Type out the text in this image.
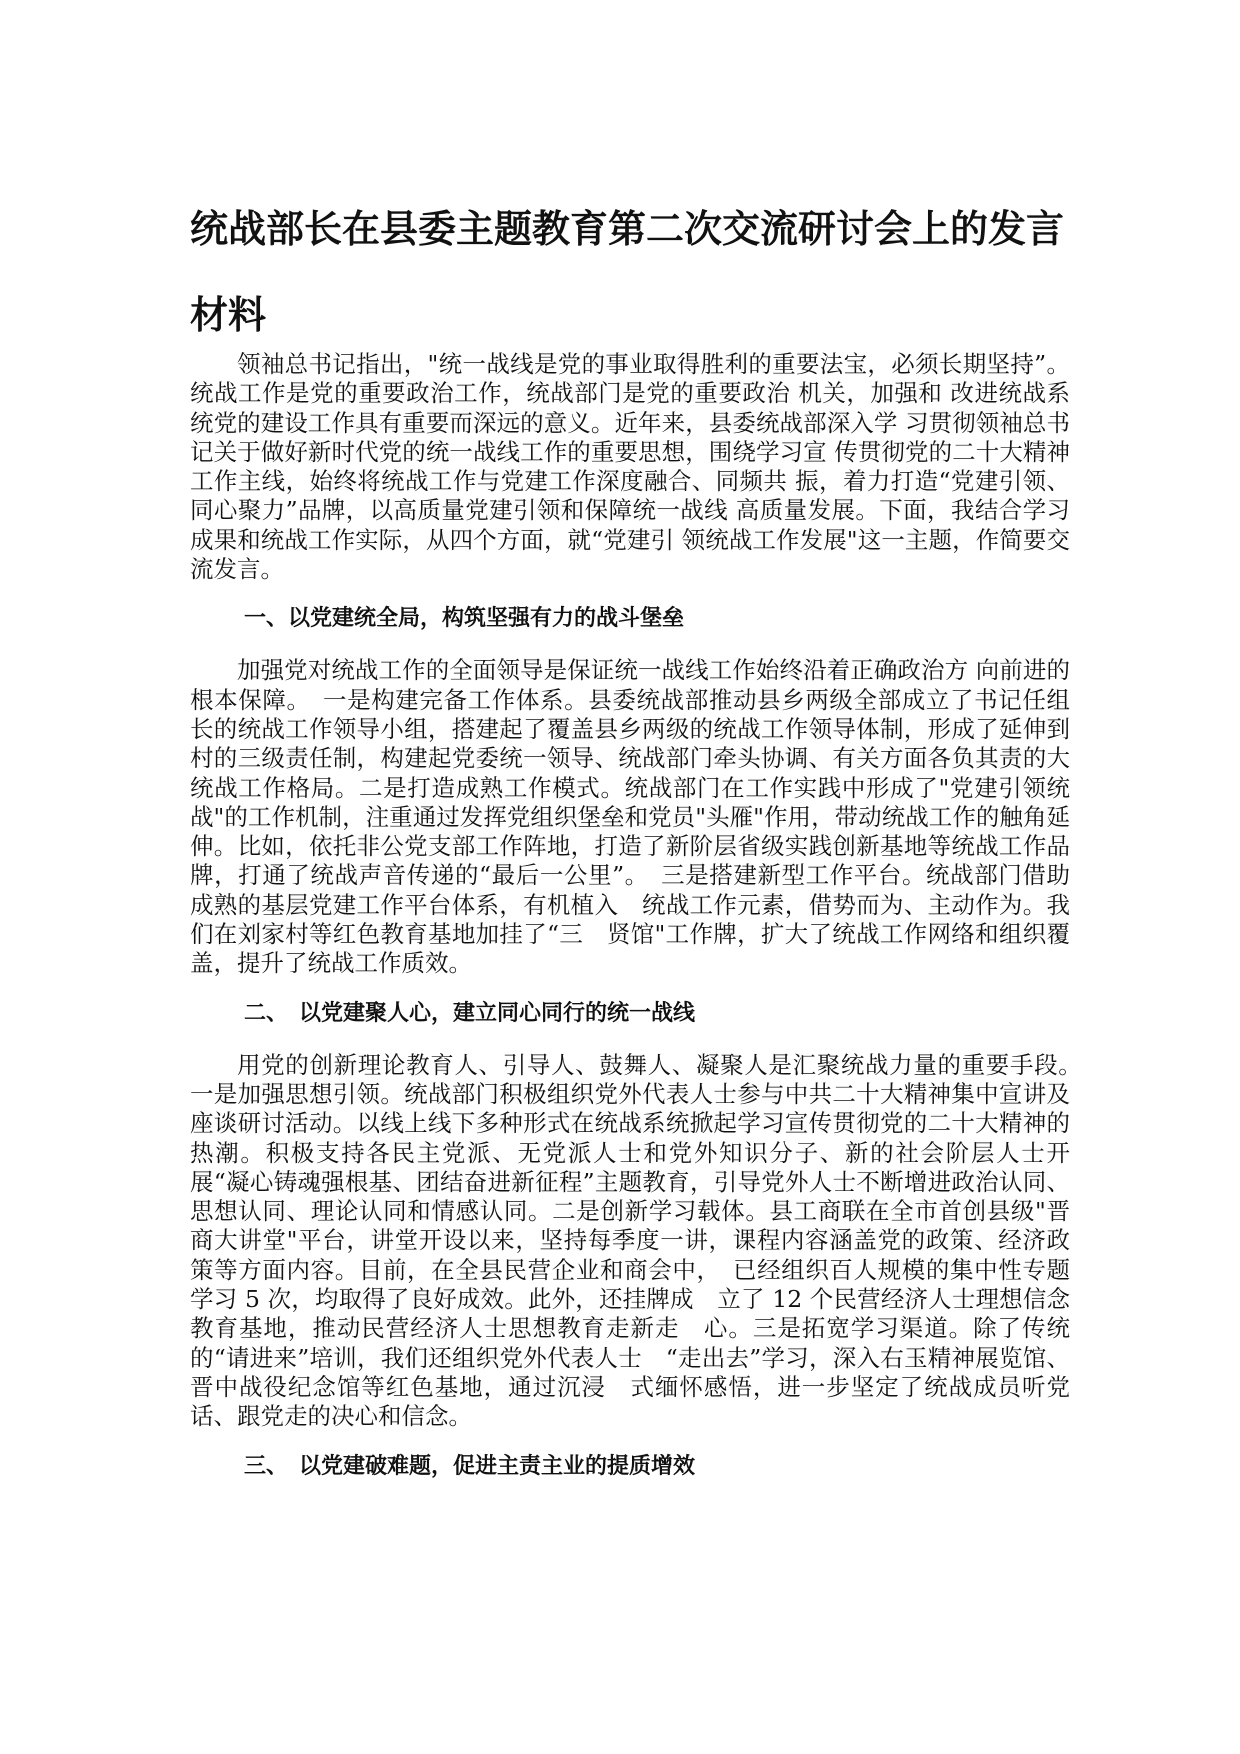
统战部长在县委主题教育第二次交流研讨会上的发言材料

领袖总书记指出，"统一战线是党的事业取得胜利的重要法宝，必须长期坚持”。统战工作是党的重要政治工作，统战部门是党的重要政治 机关，加强和 改进统战系统党的建设工作具有重要而深远的意义。近年来，县委统战部深入学 习贯彻领袖总书记关于做好新时代党的统一战线工作的重要思想，围绕学习宣 传贯彻党的二十大精神工作主线，始终将统战工作与党建工作深度融合、同频共 振，着力打造“党建引领、同心聚力”品牌，以高质量党建引领和保障统一战线 高质量发展。下面，我结合学习成果和统战工作实际，从四个方面，就“党建引 领统战工作发展"这一主题，作简要交流发言。

一、以党建统全局，构筑坚强有力的战斗堡垒

加强党对统战工作的全面领导是保证统一战线工作始终沿着正确政治方 向前进的根本保障。　一是构建完备工作体系。县委统战部推动县乡两级全部成立了书记任组长的统战工作领导小组，搭建起了覆盖县乡两级的统战工作领导体制，形成了延伸到村的三级责任制，构建起党委统一领导、统战部门牵头协调、有关方面各负其责的大统战工作格局。二是打造成熟工作模式。统战部门在工作实践中形成了"党建引领统战"的工作机制，注重通过发挥党组织堡垒和党员"头雁"作用，带动统战工作的触角延伸。比如，依托非公党支部工作阵地，打造了新阶层省级实践创新基地等统战工作品牌，打通了统战声音传递的“最后一公里”。　三是搭建新型工作平台。统战部门借助成熟的基层党建工作平台体系，有机植入　统战工作元素，借势而为、主动作为。我们在刘家村等红色教育基地加挂了“三　贤馆"工作牌，扩大了统战工作网络和组织覆盖，提升了统战工作质效。

二、　以党建聚人心，建立同心同行的统一战线

用党的创新理论教育人、引导人、鼓舞人、凝聚人是汇聚统战力量的重要手段。　一是加强思想引领。统战部门积极组织党外代表人士参与中共二十大精神集中宣讲及座谈研讨活动。以线上线下多种形式在统战系统掀起学习宣传贯彻党的二十大精神的热潮。积极支持各民主党派、无党派人士和党外知识分子、新的社会阶层人士开展“凝心铸魂强根基、团结奋进新征程”主题教育，引导党外人士不断增进政治认同、思想认同、理论认同和情感认同。二是创新学习载体。县工商联在全市首创县级"晋商大讲堂"平台，讲堂开设以来，坚持每季度一讲，课程内容涵盖党的政策、经济政策等方面内容。目前，在全县民营企业和商会中，　已经组织百人规模的集中性专题学习 5 次，均取得了良好成效。此外，还挂牌成　立了 12 个民营经济人士理想信念教育基地，推动民营经济人士思想教育走新走　心。三是拓宽学习渠道。除了传统的“请进来”培训，我们还组织党外代表人士　“走出去”学习，深入右玉精神展览馆、晋中战役纪念馆等红色基地，通过沉浸　式缅怀感悟，进一步坚定了统战成员听党话、跟党走的决心和信念。

三、　以党建破难题，促进主责主业的提质增效
